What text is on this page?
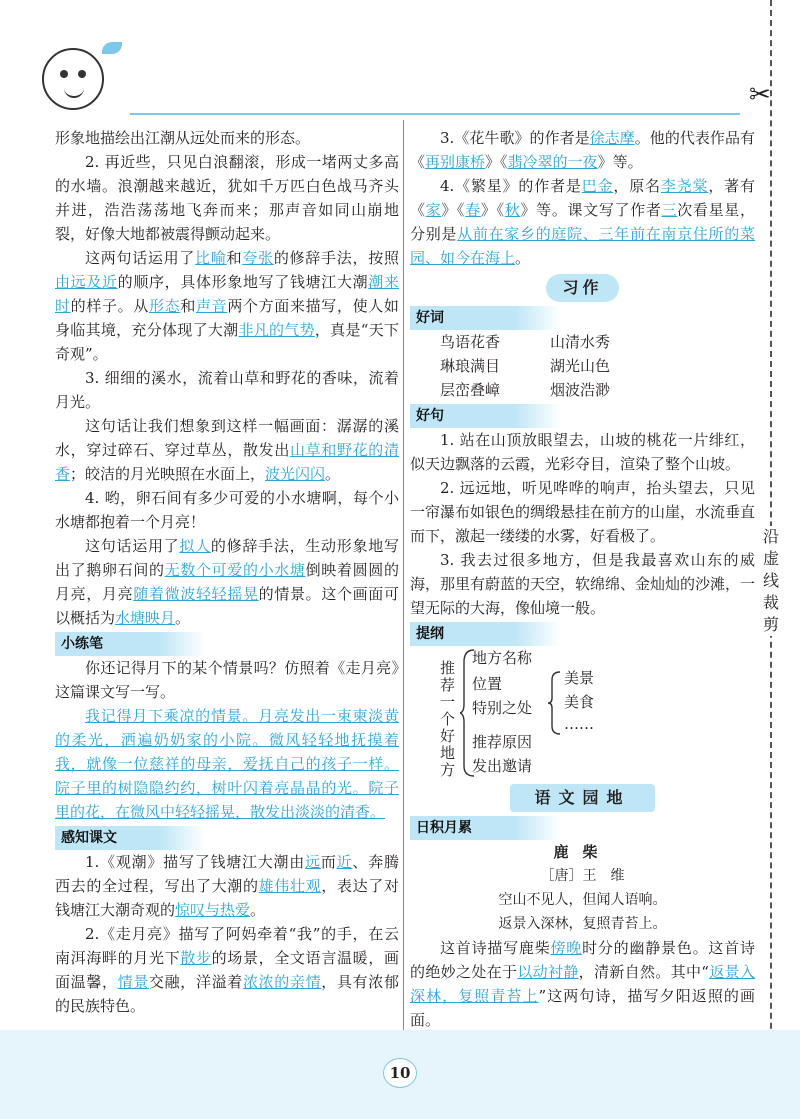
✂
沿虚线裁剪

形象地描绘出江潮从远处而来的形态。

2. 再近些，只见白浪翻滚，形成一堵两丈多高的水墙。浪潮越来越近，犹如千万匹白色战马齐头并进，浩浩荡荡地飞奔而来；那声音如同山崩地裂，好像大地都被震得颤动起来。

这两句话运用了比喻和夸张的修辞手法，按照由远及近的顺序，具体形象地写了钱塘江大潮潮来时的样子。从形态和声音两个方面来描写，使人如身临其境，充分体现了大潮非凡的气势，真是“天下奇观”。

3. 细细的溪水，流着山草和野花的香味，流着月光。

这句话让我们想象到这样一幅画面：潺潺的溪水，穿过碎石、穿过草丛，散发出山草和野花的清香；皎洁的月光映照在水面上，波光闪闪。

4. 哟，卵石间有多少可爱的小水塘啊，每个小水塘都抱着一个月亮！

这句话运用了拟人的修辞手法，生动形象地写出了鹅卵石间的无数个可爱的小水塘倒映着圆圆的月亮，月亮随着微波轻轻摇晃的情景。这个画面可以概括为水塘映月。

小练笔

你还记得月下的某个情景吗？仿照着《走月亮》这篇课文写一写。

我记得月下乘凉的情景。月亮发出一束柬淡黄的柔光，洒遍奶奶家的小院。微风轻轻地抚摸着我，就像一位慈祥的母亲，爱抚自己的孩子一样。院子里的树隐隐约约，树叶闪着亮晶晶的光。院子里的花，在微风中轻轻摇晃，散发出淡淡的清香。

感知课文

1.《观潮》描写了钱塘江大潮由远而近、奔腾西去的全过程，写出了大潮的雄伟壮观，表达了对钱塘江大潮奇观的惊叹与热爱。

2.《走月亮》描写了阿妈牵着“我”的手，在云南洱海畔的月光下散步的场景，全文语言温暖，画面温馨，情景交融，洋溢着浓浓的亲情，具有浓郁的民族特色。

3.《花牛歌》的作者是徐志摩。他的代表作品有《再别康桥》《翡冷翠的一夜》等。

4.《繁星》的作者是巴金，原名李尧棠，著有《家》《春》《秋》等。课文写了作者三次看星星，分别是从前在家乡的庭院、三年前在南京住所的菜园、如今在海上。

习作
好词
鸟语花香	山清水秀
琳琅满目	湖光山色
层峦叠嶂	烟波浩渺
好句

1. 站在山顶放眼望去，山坡的桃花一片绯红，似天边飘落的云霞，光彩夺目，渲染了整个山坡。

2. 远远地，听见哗哗的响声，抬头望去，只见一帘瀑布如银色的绸缎悬挂在前方的山崖，水流垂直而下，激起一缕缕的水雾，好看极了。

3. 我去过很多地方，但是我最喜欢山东的威海，那里有蔚蓝的天空，软绵绵、金灿灿的沙滩，一望无际的大海，像仙境一般。

提纲
推荐一个好地方
地方名称
位置
特别之处
美景
美食
……
推荐原因
发出邀请
语文园地
日积月累
鹿柴
［唐］王　维
空山不见人，但闻人语响。
返景入深林，复照青苔上。

这首诗描写鹿柴傍晚时分的幽静景色。这首诗的绝妙之处在于以动衬静，清新自然。其中“返景入深林，复照青苔上”这两句诗，描写夕阳返照的画面。

10
